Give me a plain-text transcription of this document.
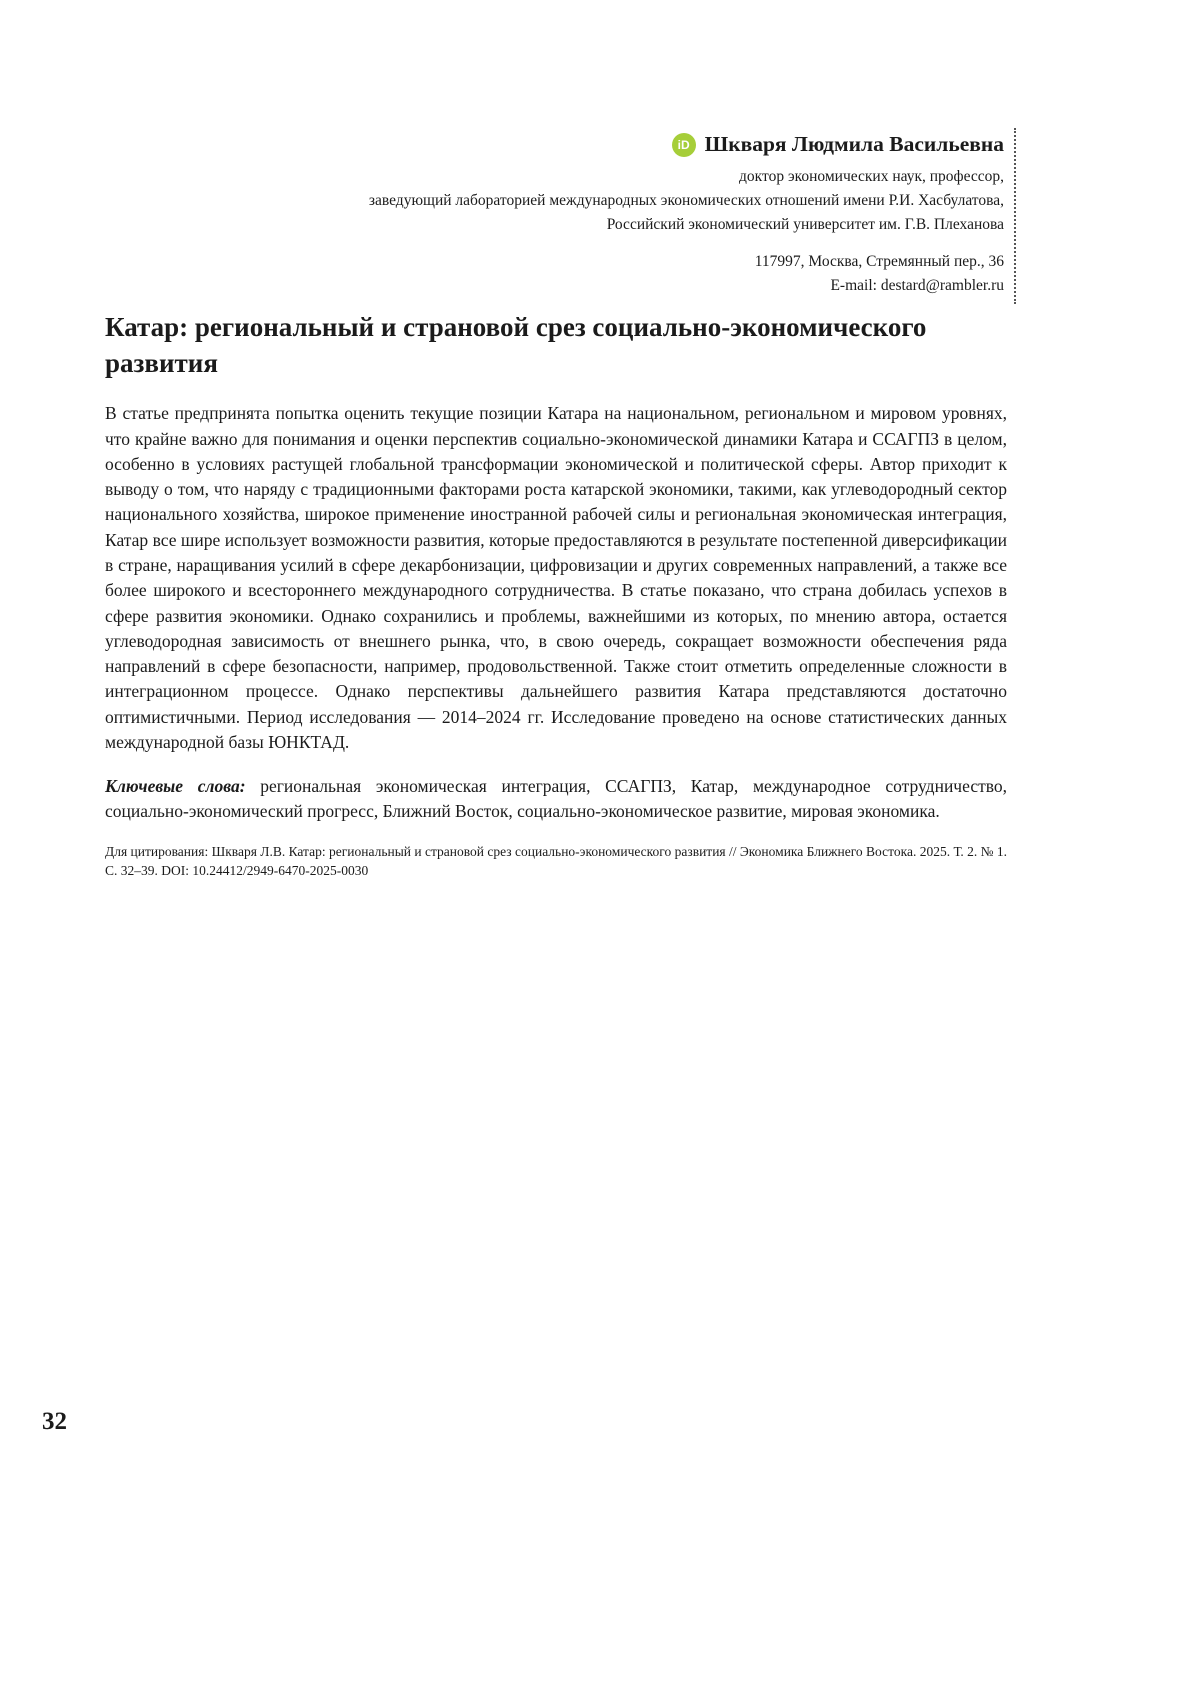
iD Шкваря Людмила Васильевна
доктор экономических наук, профессор,
заведующий лабораторией международных экономических отношений имени Р.И. Хасбулатова,
Российский экономический университет им. Г.В. Плеханова
117997, Москва, Стремянный пер., 36
E-mail: destard@rambler.ru
Катар: региональный и страновой срез социально-экономического развития

В статье предпринята попытка оценить текущие позиции Катара на национальном, региональном и мировом уровнях, что крайне важно для понимания и оценки перспектив социально-экономической динамики Катара и ССАГПЗ в целом, особенно в условиях растущей глобальной трансформации экономической и политической сферы. Автор приходит к выводу о том, что наряду с традиционными факторами роста катарской экономики, такими, как углеводородный сектор национального хозяйства, широкое применение иностранной рабочей силы и региональная экономическая интеграция, Катар все шире использует возможности развития, которые предоставляются в результате постепенной диверсификации в стране, наращивания усилий в сфере декарбонизации, цифровизации и других современных направлений, а также все более широкого и всестороннего международного сотрудничества. В статье показано, что страна добилась успехов в сфере развития экономики. Однако сохранились и проблемы, важнейшими из которых, по мнению автора, остается углеводородная зависимость от внешнего рынка, что, в свою очередь, сокращает возможности обеспечения ряда направлений в сфере безопасности, например, продовольственной. Также стоит отметить определенные сложности в интеграционном процессе. Однако перспективы дальнейшего развития Катара представляются достаточно оптимистичными. Период исследования — 2014–2024 гг. Исследование проведено на основе статистических данных международной базы ЮНКТАД.

Ключевые слова: региональная экономическая интеграция, ССАГПЗ, Катар, международное сотрудничество, социально-экономический прогресс, Ближний Восток, социально-экономическое развитие, мировая экономика.

Для цитирования: Шкваря Л.В. Катар: региональный и страновой срез социально-экономического развития // Экономика Ближнего Востока. 2025. Т. 2. № 1. С. 32–39. DOI: 10.24412/2949-6470-2025-0030

32
